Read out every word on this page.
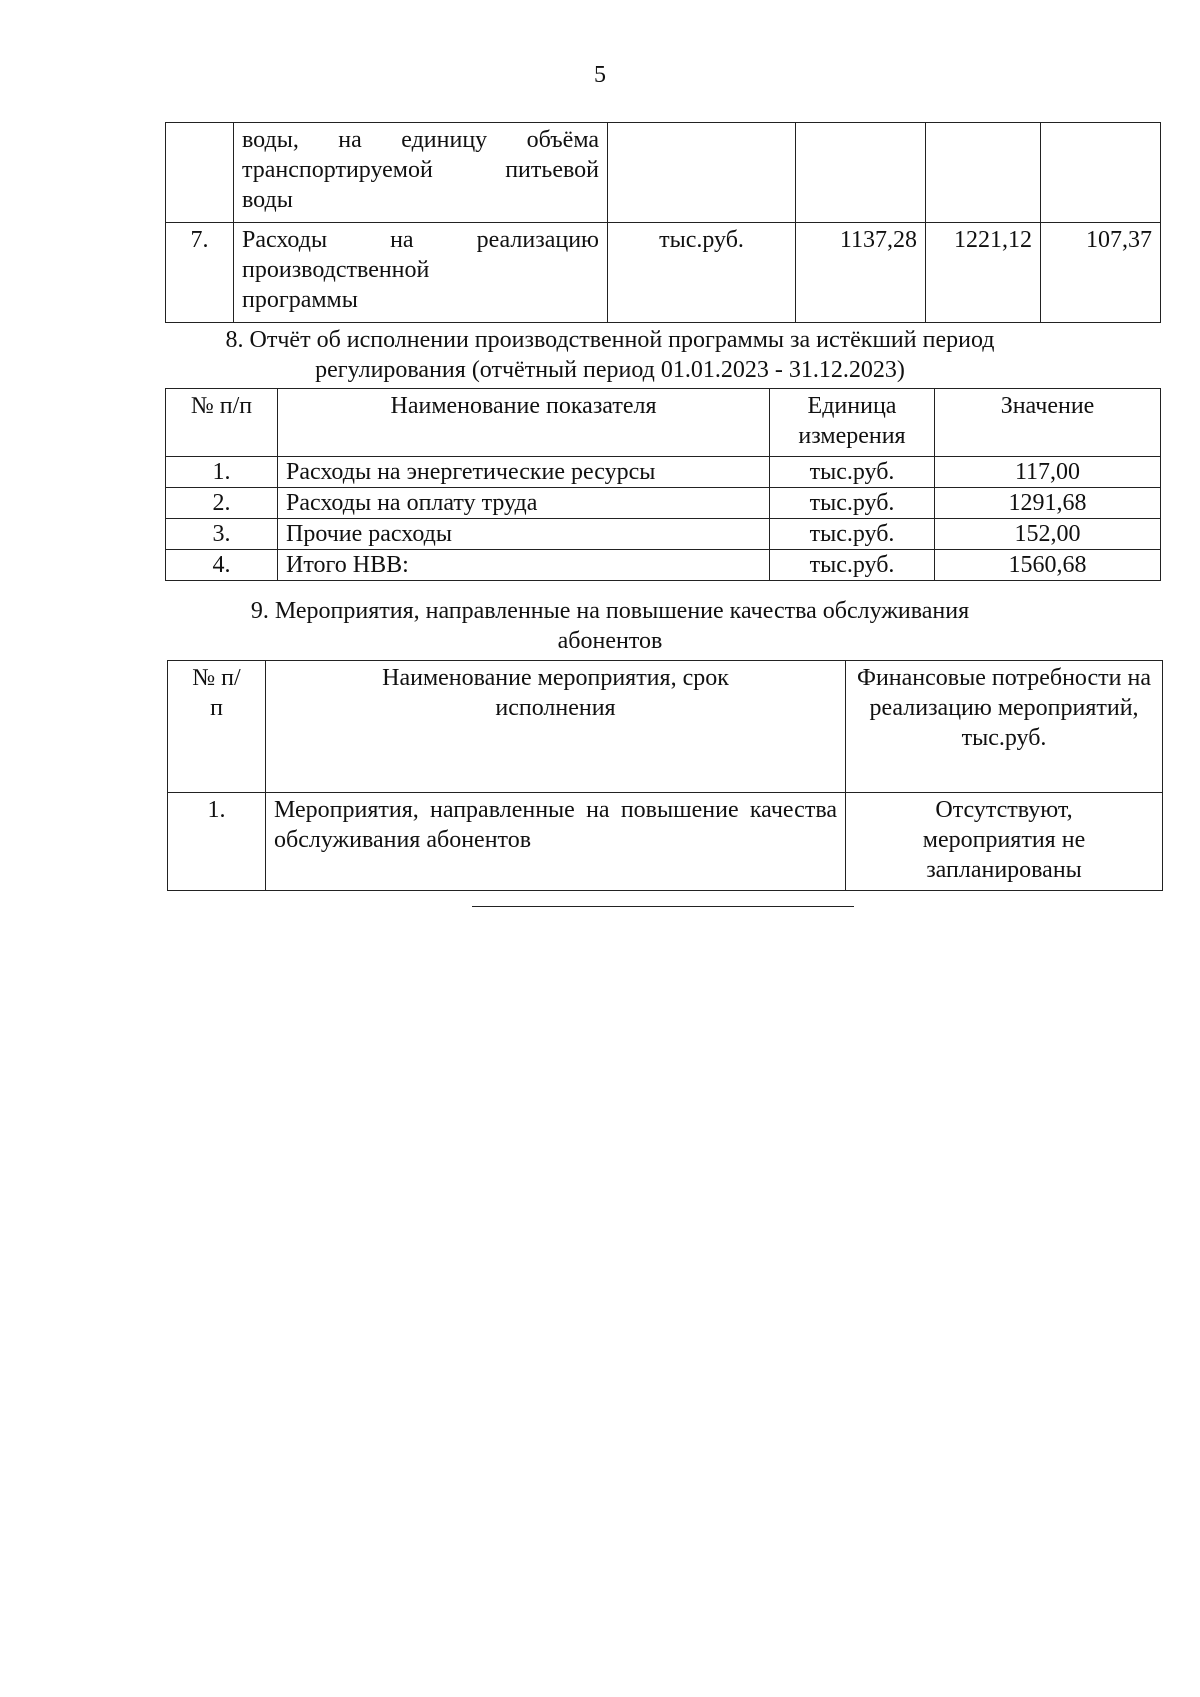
5

	воды, на единицу объёма
транспортируемой питьевой
воды				

7.	Расходы на реализацию
производственной
программы	тыс.руб.	1137,28	1221,12	107,37
8. Отчёт об исполнении производственной программы за истёкший период
регулирования (отчётный период 01.01.2023 - 31.12.2023)
№ п/п	Наименование показателя	Единица измерения	Значение
1.	Расходы на энергетические ресурсы	тыс.руб.	117,00
2.	Расходы на оплату труда	тыс.руб.	1291,68
3.	Прочие расходы	тыс.руб.	152,00
4.	Итого НВВ:	тыс.руб.	1560,68
9. Мероприятия, направленные на повышение качества обслуживания
абонентов
№ п/п	Наименование мероприятия, срок исполнения	Финансовые потребности на реализацию мероприятий, тыс.руб.
1.	Мероприятия, направленные на повышение качества обслуживания абонентов	Отсутствуют, мероприятия не запланированы
